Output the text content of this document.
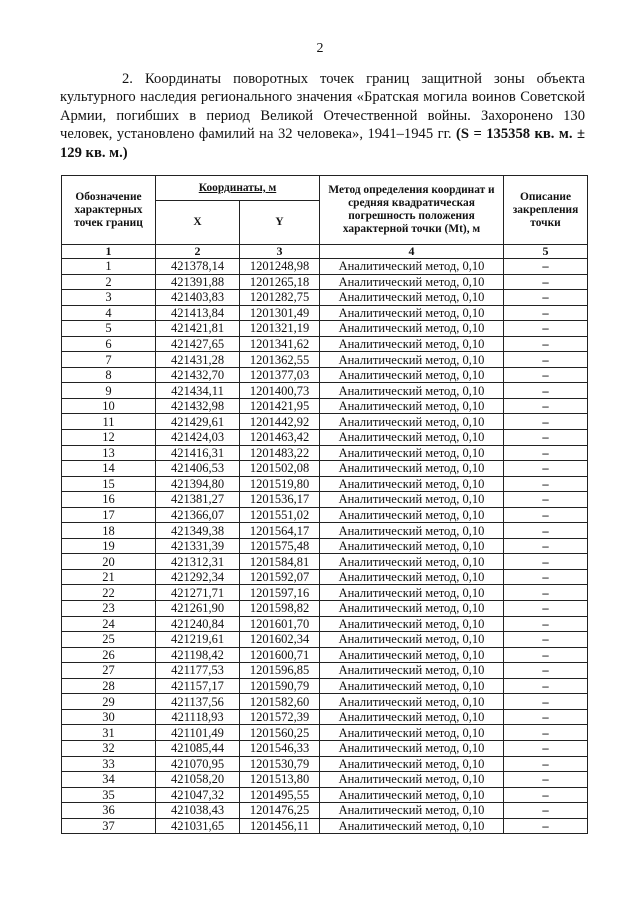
2
2. Координаты поворотных точек границ защитной зоны объекта культурного наследия регионального значения «Братская могила воинов Советской Армии, погибших в период Великой Отечественной войны. Захоронено 130 человек, установлено фамилий на 32 человека», 1941–1945 гг. (S = 135358 кв. м. ± 129 кв. м.)
Обозначение характерных точек границ	Координаты, м		Метод определения координат и средняя квадратическая погрешность положения характерной точки (Mt), м	Описание закрепления точки
	X	Y		
1	2	3	4	5
1	421378,14	1201248,98	Аналитический метод, 0,10	–
2	421391,88	1201265,18	Аналитический метод, 0,10	–
3	421403,83	1201282,75	Аналитический метод, 0,10	–
4	421413,84	1201301,49	Аналитический метод, 0,10	–
5	421421,81	1201321,19	Аналитический метод, 0,10	–
6	421427,65	1201341,62	Аналитический метод, 0,10	–
7	421431,28	1201362,55	Аналитический метод, 0,10	–
8	421432,70	1201377,03	Аналитический метод, 0,10	–
9	421434,11	1201400,73	Аналитический метод, 0,10	–
10	421432,98	1201421,95	Аналитический метод, 0,10	–
11	421429,61	1201442,92	Аналитический метод, 0,10	–
12	421424,03	1201463,42	Аналитический метод, 0,10	–
13	421416,31	1201483,22	Аналитический метод, 0,10	–
14	421406,53	1201502,08	Аналитический метод, 0,10	–
15	421394,80	1201519,80	Аналитический метод, 0,10	–
16	421381,27	1201536,17	Аналитический метод, 0,10	–
17	421366,07	1201551,02	Аналитический метод, 0,10	–
18	421349,38	1201564,17	Аналитический метод, 0,10	–
19	421331,39	1201575,48	Аналитический метод, 0,10	–
20	421312,31	1201584,81	Аналитический метод, 0,10	–
21	421292,34	1201592,07	Аналитический метод, 0,10	–
22	421271,71	1201597,16	Аналитический метод, 0,10	–
23	421261,90	1201598,82	Аналитический метод, 0,10	–
24	421240,84	1201601,70	Аналитический метод, 0,10	–
25	421219,61	1201602,34	Аналитический метод, 0,10	–
26	421198,42	1201600,71	Аналитический метод, 0,10	–
27	421177,53	1201596,85	Аналитический метод, 0,10	–
28	421157,17	1201590,79	Аналитический метод, 0,10	–
29	421137,56	1201582,60	Аналитический метод, 0,10	–
30	421118,93	1201572,39	Аналитический метод, 0,10	–
31	421101,49	1201560,25	Аналитический метод, 0,10	–
32	421085,44	1201546,33	Аналитический метод, 0,10	–
33	421070,95	1201530,79	Аналитический метод, 0,10	–
34	421058,20	1201513,80	Аналитический метод, 0,10	–
35	421047,32	1201495,55	Аналитический метод, 0,10	–
36	421038,43	1201476,25	Аналитический метод, 0,10	–
37	421031,65	1201456,11	Аналитический метод, 0,10	–
